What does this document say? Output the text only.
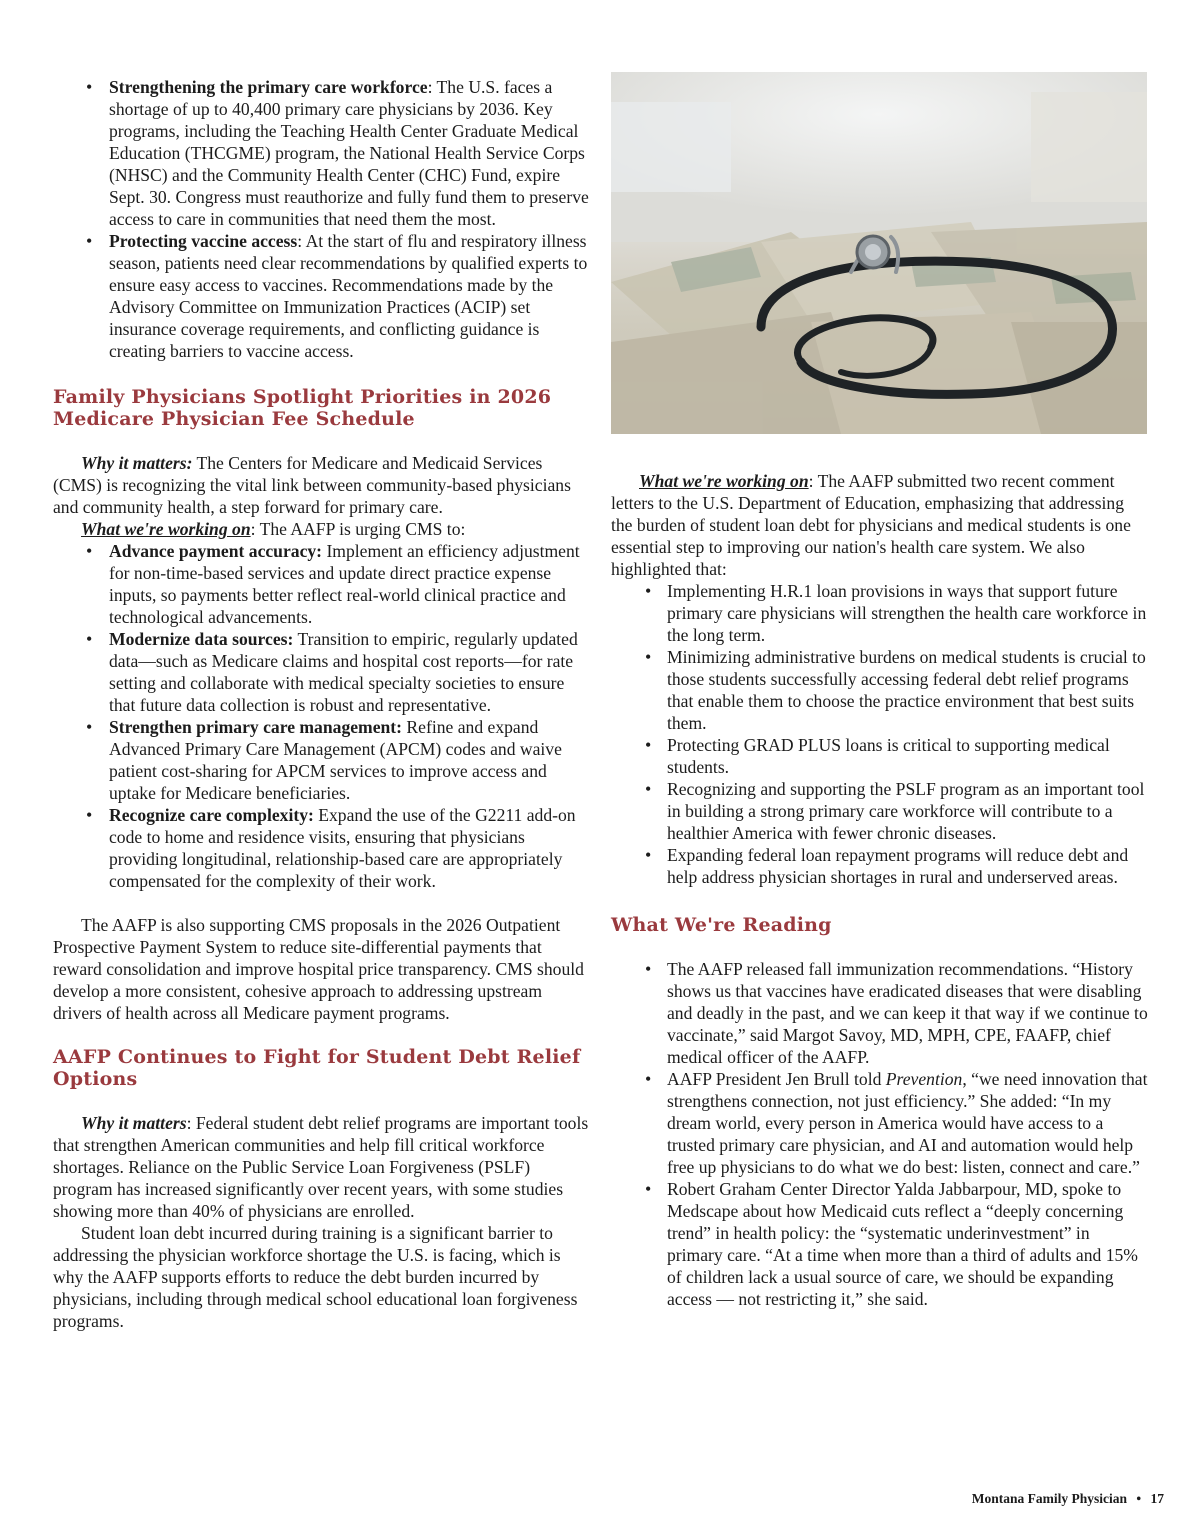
• Strengthening the primary care workforce: The U.S. faces a shortage of up to 40,400 primary care physicians by 2036. Key programs, including the Teaching Health Center Graduate Medical Education (THCGME) program, the National Health Service Corps (NHSC) and the Community Health Center (CHC) Fund, expire Sept. 30. Congress must reauthorize and fully fund them to preserve access to care in communities that need them the most.
• Protecting vaccine access: At the start of flu and respiratory illness season, patients need clear recommendations by qualified experts to ensure easy access to vaccines. Recommendations made by the Advisory Committee on Immunization Practices (ACIP) set insurance coverage requirements, and conflicting guidance is creating barriers to vaccine access.
Family Physicians Spotlight Priorities in 2026 Medicare Physician Fee Schedule

Why it matters: The Centers for Medicare and Medicaid Services (CMS) is recognizing the vital link between community-based physicians and community health, a step forward for primary care.

What we're working on: The AAFP is urging CMS to:

• Advance payment accuracy: Implement an efficiency adjustment for non-time-based services and update direct practice expense inputs, so payments better reflect real-world clinical practice and technological advancements.
• Modernize data sources: Transition to empiric, regularly updated data—such as Medicare claims and hospital cost reports—for rate setting and collaborate with medical specialty societies to ensure that future data collection is robust and representative.
• Strengthen primary care management: Refine and expand Advanced Primary Care Management (APCM) codes and waive patient cost-sharing for APCM services to improve access and uptake for Medicare beneficiaries.
• Recognize care complexity: Expand the use of the G2211 add-on code to home and residence visits, ensuring that physicians providing longitudinal, relationship-based care are appropriately compensated for the complexity of their work.

The AAFP is also supporting CMS proposals in the 2026 Outpatient Prospective Payment System to reduce site-differential payments that reward consolidation and improve hospital price transparency. CMS should develop a more consistent, cohesive approach to addressing upstream drivers of health across all Medicare payment programs.

AAFP Continues to Fight for Student Debt Relief Options

Why it matters: Federal student debt relief programs are important tools that strengthen American communities and help fill critical workforce shortages. Reliance on the Public Service Loan Forgiveness (PSLF) program has increased significantly over recent years, with some studies showing more than 40% of physicians are enrolled.

Student loan debt incurred during training is a significant barrier to addressing the physician workforce shortage the U.S. is facing, which is why the AAFP supports efforts to reduce the debt burden incurred by physicians, including through medical school educational loan forgiveness programs.

What we're working on: The AAFP submitted two recent comment letters to the U.S. Department of Education, emphasizing that addressing the burden of student loan debt for physicians and medical students is one essential step to improving our nation's health care system. We also highlighted that:

• Implementing H.R.1 loan provisions in ways that support future primary care physicians will strengthen the health care workforce in the long term.
• Minimizing administrative burdens on medical students is crucial to those students successfully accessing federal debt relief programs that enable them to choose the practice environment that best suits them.
• Protecting GRAD PLUS loans is critical to supporting medical students.
• Recognizing and supporting the PSLF program as an important tool in building a strong primary care workforce will contribute to a healthier America with fewer chronic diseases.
• Expanding federal loan repayment programs will reduce debt and help address physician shortages in rural and underserved areas.
What We're Reading
• The AAFP released fall immunization recommendations. “History shows us that vaccines have eradicated diseases that were disabling and deadly in the past, and we can keep it that way if we continue to vaccinate,” said Margot Savoy, MD, MPH, CPE, FAAFP, chief medical officer of the AAFP.
• AAFP President Jen Brull told Prevention, “we need innovation that strengthens connection, not just efficiency.” She added: “In my dream world, every person in America would have access to a trusted primary care physician, and AI and automation would help free up physicians to do what we do best: listen, connect and care.”
• Robert Graham Center Director Yalda Jabbarpour, MD, spoke to Medscape about how Medicaid cuts reflect a “deeply concerning trend” in health policy: the “systematic underinvestment” in primary care. “At a time when more than a third of adults and 15% of children lack a usual source of care, we should be expanding access — not restricting it,” she said.
Montana Family Physician • 17
